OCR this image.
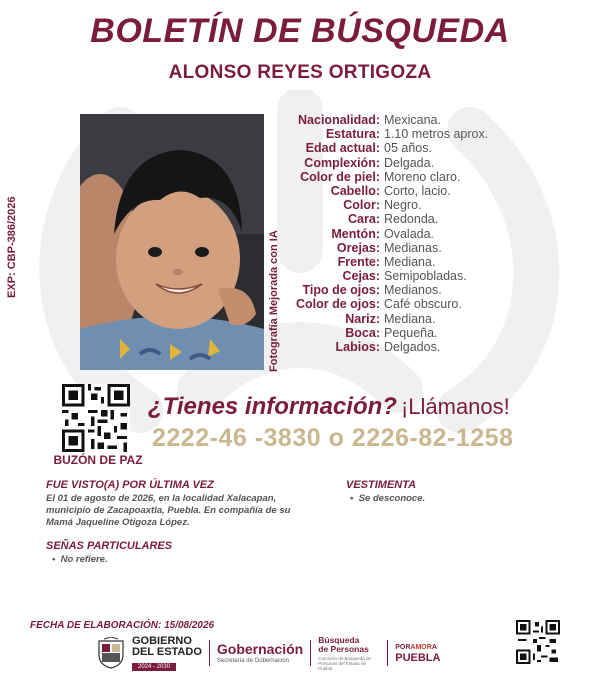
BOLETÍN DE BÚSQUEDA
ALONSO REYES ORTIGOZA
EXP: CBP-386/2026	Fotografía Mejorada con IA
Nacionalidad: Mexicana.
Estatura: 1.10 metros aprox.
Edad actual: 05 años.
Complexión: Delgada.
Color de piel: Moreno claro.
Cabello: Corto, lacio.
Color: Negro.
Cara: Redonda.
Mentón: Ovalada.
Orejas: Medianas.
Frente: Mediana.
Cejas: Semipobladas.
Tipo de ojos: Medianos.
Color de ojos: Café obscuro.
Nariz: Mediana.
Boca: Pequeña.
Labios: Delgados.
BUZÓN DE PAZ
¿Tienes información? ¡Llámanos!
2222-46 -3830 o 2226-82-1258
FUE VISTO(A) POR ÚLTIMA VEZ
El 01 de agosto de 2026, en la localidad Xalacapan, municipio de Zacapoaxtla, Puebla. En compañía de su Mamá Jaqueline Otigoza López.
VESTIMENTA
•  Se desconoce.
SEÑAS PARTICULARES
•  No refiere.
FECHA DE ELABORACIÓN: 15/08/2026
GOBIERNO
DEL ESTADO
2024 - 2030
Gobernación
Secretaría de Gobernación
Búsqueda
de Personas
Comisión de Búsqueda de Personas del Estado de Puebla
PORAMORA
PUEBLA
